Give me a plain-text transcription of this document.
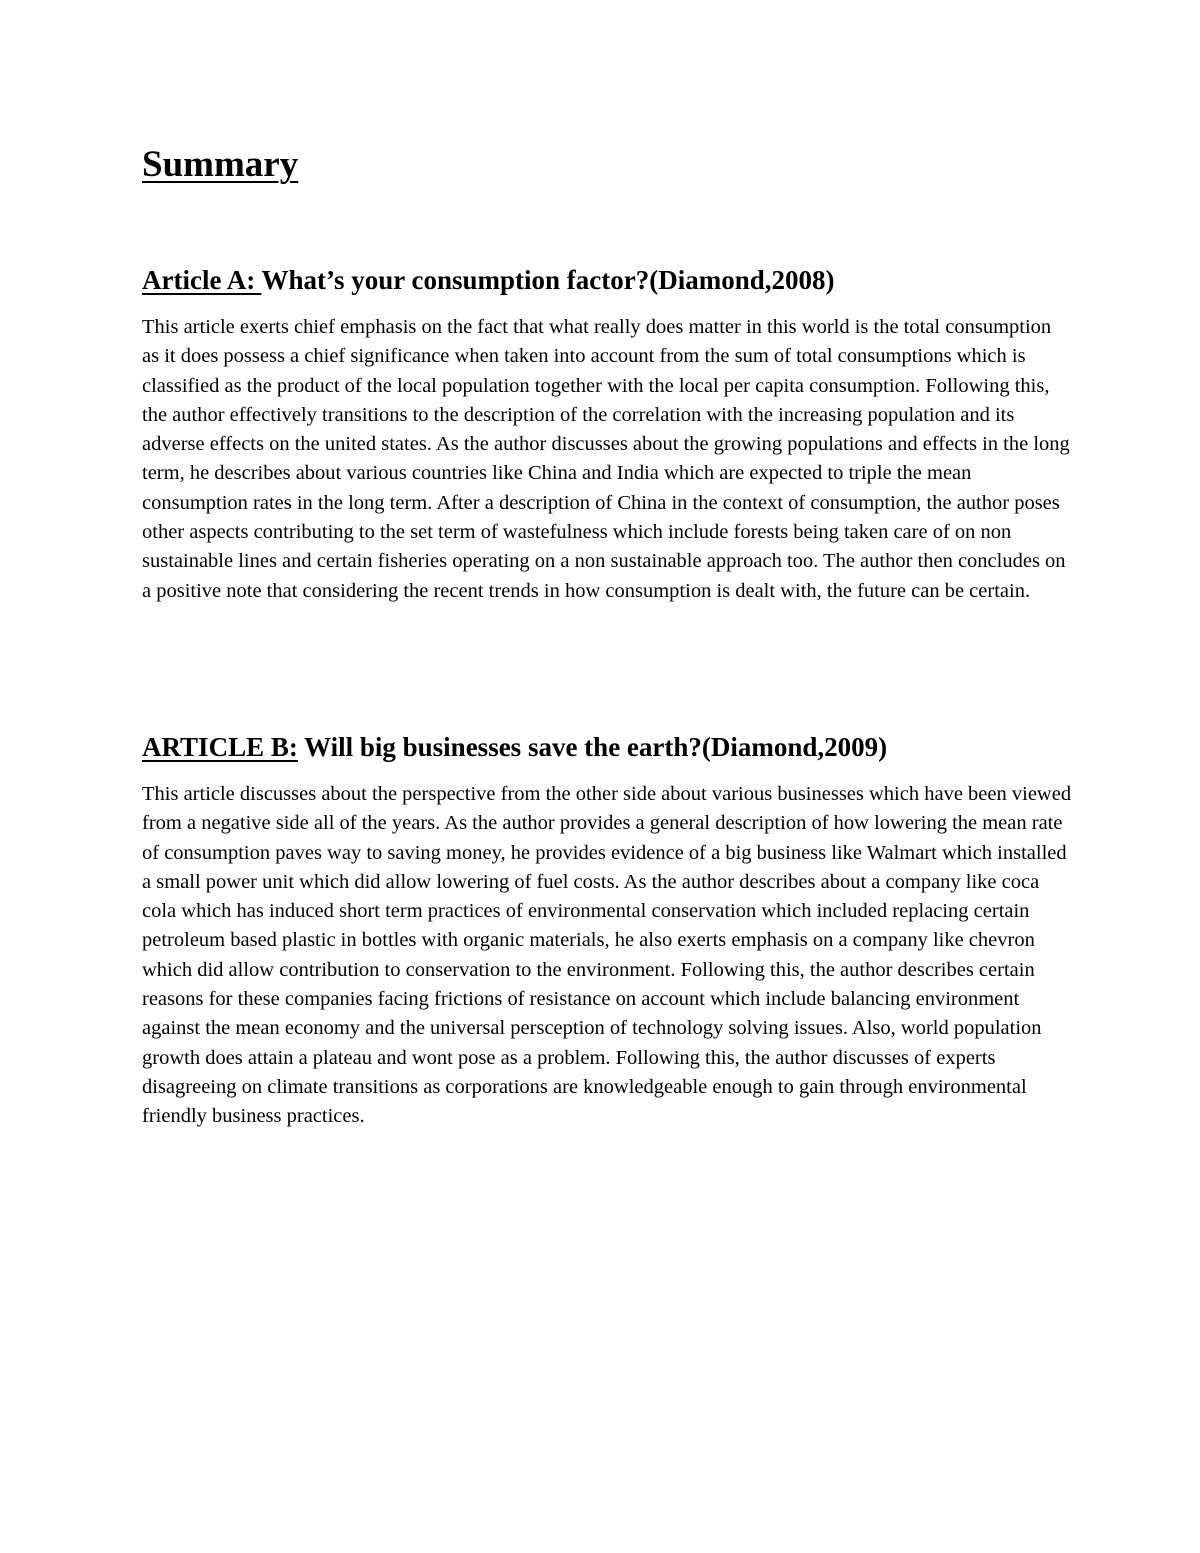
Summary
Article A: What’s your consumption factor?(Diamond,2008)

This article exerts chief emphasis on the fact that what really does matter in this world is the total consumption as it does possess a chief significance when taken into account from the sum of total consumptions which is classified as the product of the local population together with the local per capita consumption. Following this, the author effectively transitions to the description of the correlation with the increasing population and its adverse effects on the united states. As the author discusses about the growing populations and effects in the long term, he describes about various countries like China and India which are expected to triple the mean consumption rates in the long term. After a description of China in the context of consumption, the author poses other aspects contributing to the set term of wastefulness which include forests being taken care of on non sustainable lines and certain fisheries operating on a non sustainable approach too. The author then concludes on a positive note that considering the recent trends in how consumption is dealt with, the future can be certain.

ARTICLE B: Will big businesses save the earth?(Diamond,2009)

This article discusses about the perspective from the other side about various businesses which have been viewed from a negative side all of the years. As the author provides a general description of how lowering the mean rate of consumption paves way to saving money, he provides evidence of a big business like Walmart which installed a small power unit which did allow lowering of fuel costs. As the author describes about a company like coca cola which has induced short term practices of environmental conservation which included replacing certain petroleum based plastic in bottles with organic materials, he also exerts emphasis on a company like chevron which did allow contribution to conservation to the environment. Following this, the author describes certain reasons for these companies facing frictions of resistance on account which include balancing environment against the mean economy and the universal persception of technology solving issues. Also, world population growth does attain a plateau and wont pose as a problem. Following this, the author discusses of experts disagreeing on climate transitions as corporations are knowledgeable enough to gain through environmental friendly business practices.
